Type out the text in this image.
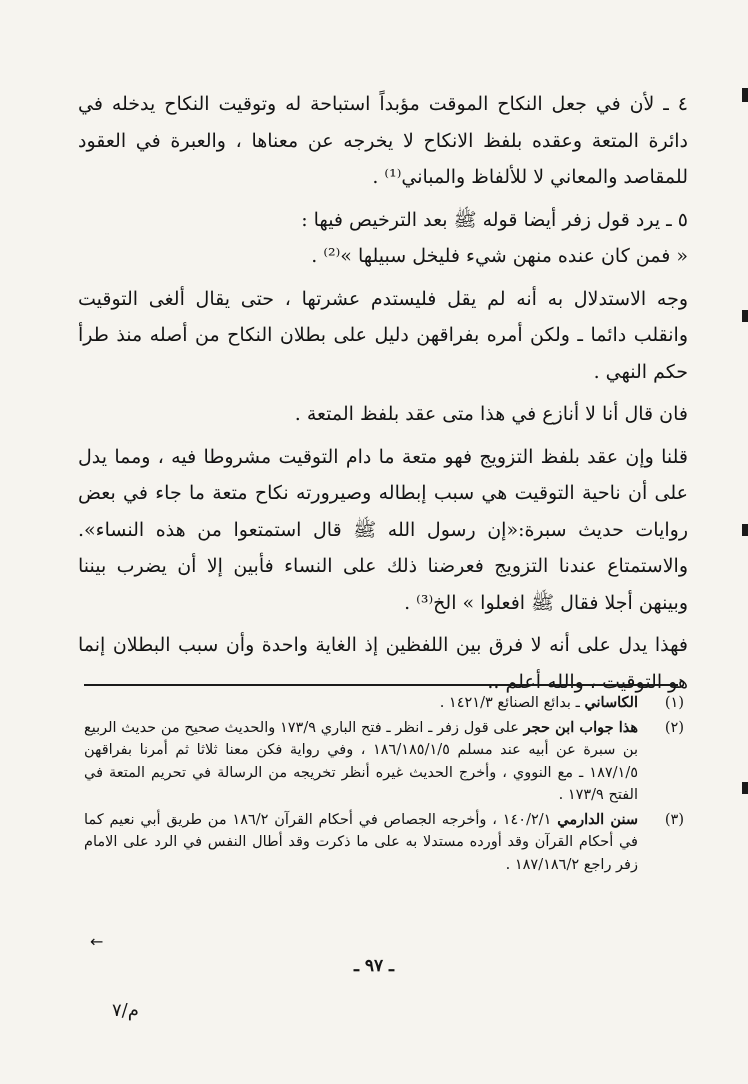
٤ ـ لأن في جعل النكاح الموقت مؤبداً استباحة له وتوقيت النكاح يدخله في دائرة المتعة وعقده بلفظ الانكاح لا يخرجه عن معناها ، والعبرة في العقود للمقاصد والمعاني لا للألفاظ والمباني⁽¹⁾ .

٥ ـ يرد قول زفر أيضا قوله ﷺ بعد الترخيص فيها :

« فمن كان عنده منهن شيء فليخل سبيلها »⁽²⁾ .

وجه الاستدلال به أنه لم يقل فليستدم عشرتها ، حتى يقال ألغى التوقيت وانقلب دائما ـ ولكن أمره بفراقهن دليل على بطلان النكاح من أصله منذ طرأ حكم النهي .

فان قال أنا لا أنازع في هذا متى عقد بلفظ المتعة .

قلنا وإن عقد بلفظ التزويج فهو متعة ما دام التوقيت مشروطا فيه ، ومما يدل على أن ناحية التوقيت هي سبب إبطاله وصيرورته نكاح متعة ما جاء في بعض روايات حديث سبرة:«إن رسول الله ﷺ قال استمتعوا من هذه النساء». والاستمتاع عندنا التزويج فعرضنا ذلك على النساء فأبين إلا أن يضرب بيننا وبينهن أجلا فقال ﷺ افعلوا » الخ⁽³⁾ .

فهذا يدل على أنه لا فرق بين اللفظين إذ الغاية واحدة وأن سبب البطلان إنما هو التوقيت ، والله أعلم ..

(١)
الكاساني ـ بدائع الصنائع ١٤٢١/٣ .
(٢)
هذا جواب ابن حجر على قول زفر ـ انظر ـ فتح الباري ١٧٣/٩ والحديث صحيح من حديث الربيع بن سبرة عن أبيه عند مسلم ١٨٦/١٨٥/١/٥ ، وفي رواية فكن معنا ثلاثا ثم أمرنا بفراقهن ١٨٧/١/٥ ـ مع النووي ، وأخرج الحديث غيره أنظر تخريجه من الرسالة في تحريم المتعة في الفتح ١٧٣/٩ .
(٣)
سنن الدارمي ١٤٠/٢/١ ، وأخرجه الجصاص في أحكام القرآن ١٨٦/٢ من طريق أبي نعيم كما في أحكام القرآن وقد أورده مستدلا به على ما ذكرت وقد أطال النفس في الرد على الامام زفر راجع ١٨٧/١٨٦/٢ .
←
ـ ٩٧ ـ
م/٧
